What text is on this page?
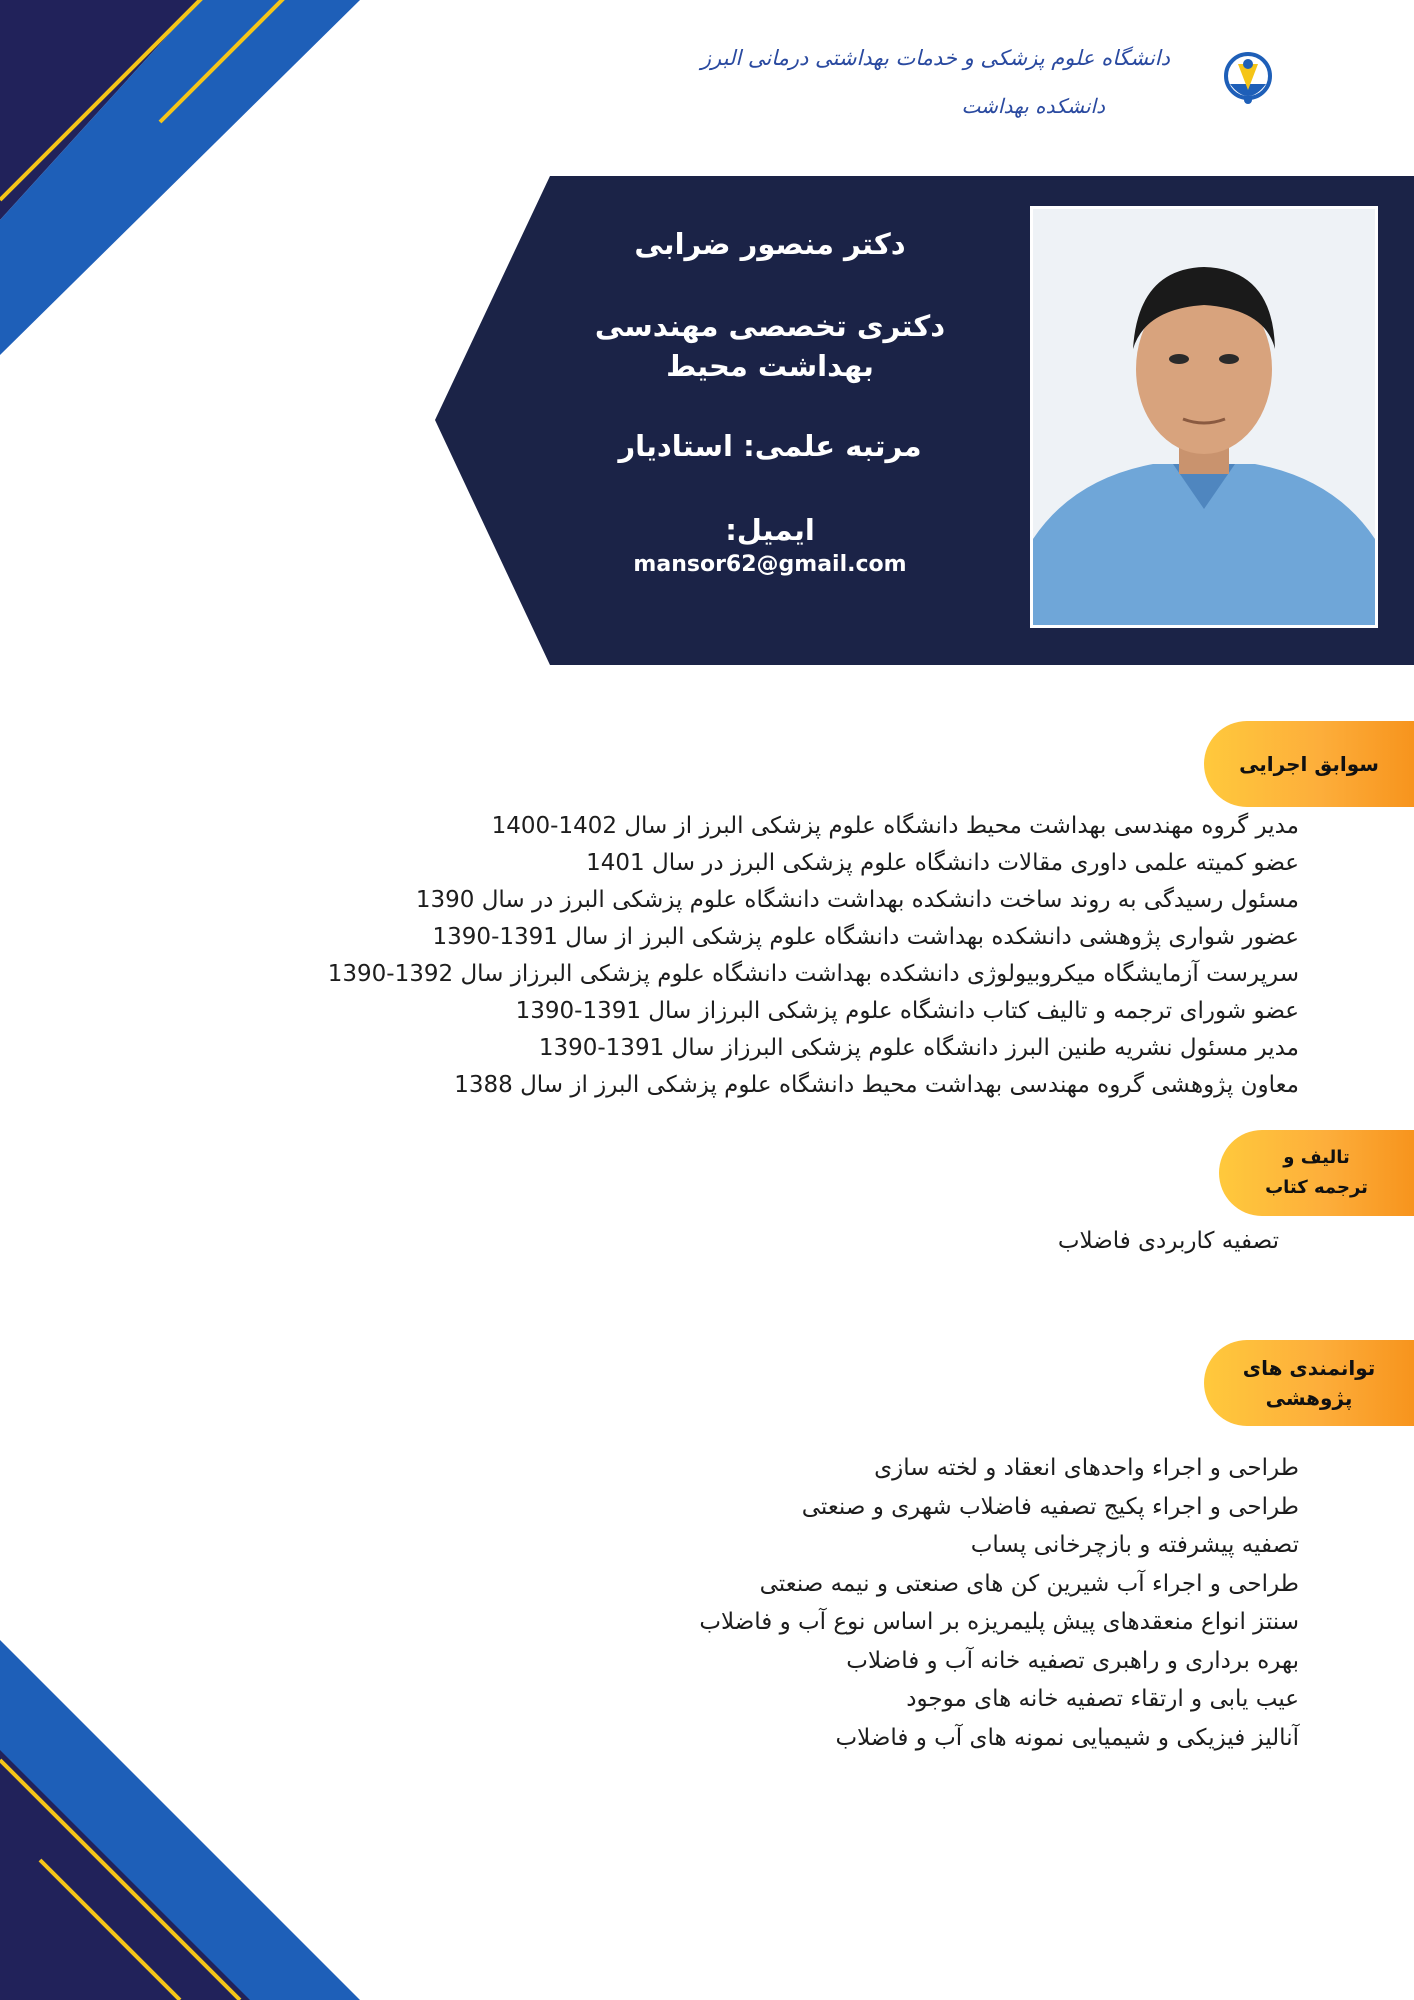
دانشگاه علوم پزشکی و خدمات بهداشتی درمانی البرز
دانشکده بهداشت
دکتر منصور ضرابی
دکتری تخصصی مهندسی بهداشت محیط
مرتبه علمی: استادیار
ایمیل:
mansor62@gmail.com
سوابق اجرایی
مدیر گروه مهندسی بهداشت محیط دانشگاه علوم پزشکی البرز از سال 1402-1400
عضو کمیته علمی داوری مقالات دانشگاه علوم پزشکی البرز در سال 1401
مسئول رسیدگی به روند ساخت دانشکده بهداشت دانشگاه علوم پزشکی البرز در سال 1390
عضور شواری پژوهشی دانشکده بهداشت دانشگاه علوم پزشکی البرز از سال 1391-1390
سرپرست آزمایشگاه میکروبیولوژی دانشکده بهداشت دانشگاه علوم پزشکی البرزاز سال 1392-1390
عضو شورای ترجمه و تالیف کتاب دانشگاه علوم پزشکی البرزاز سال 1391-1390
مدیر مسئول نشریه طنین البرز دانشگاه علوم پزشکی البرزاز سال 1391-1390
معاون پژوهشی گروه مهندسی بهداشت محیط دانشگاه علوم پزشکی البرز از سال 1388
تالیف و
ترجمه کتاب
تصفیه کاربردی فاضلاب
توانمندی های
پژوهشی
طراحی و اجراء واحدهای انعقاد و لخته سازی
طراحی و اجراء پکیج تصفیه فاضلاب شهری و صنعتی
تصفیه پیشرفته و بازچرخانی پساب
طراحی و اجراء آب شیرین کن های صنعتی و نیمه صنعتی
سنتز انواع منعقدهای پیش پلیمریزه بر اساس نوع آب و فاضلاب
بهره برداری و راهبری تصفیه خانه آب و فاضلاب
عیب یابی و ارتقاء تصفیه خانه های موجود
آنالیز فیزیکی و شیمیایی نمونه های آب و فاضلاب
